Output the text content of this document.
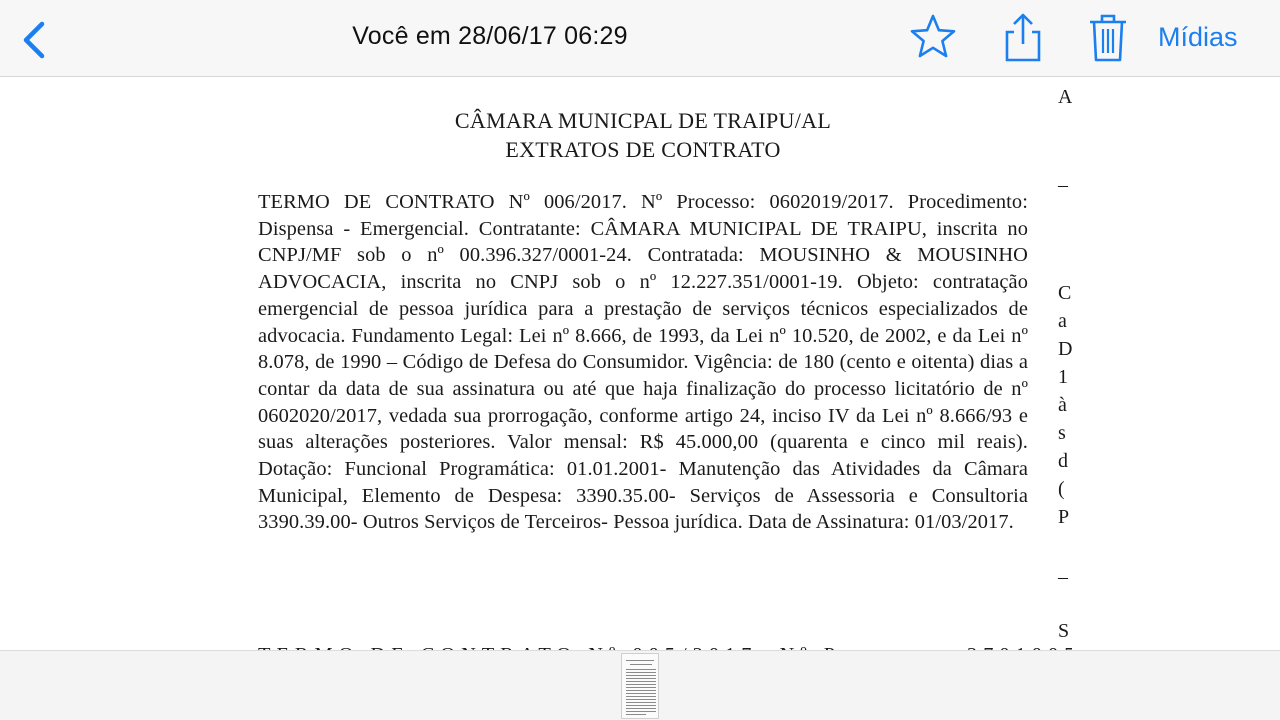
Você em 28/06/17 06:29	Mídias
CÂMARA MUNICPAL DE TRAIPU/AL
EXTRATOS DE CONTRATO

TERMO DE CONTRATO Nº 006/2017. Nº Processo: 0602019/2017. Procedimento: Dispensa - Emergencial. Contratante: CÂMARA MUNICIPAL DE TRAIPU, inscrita no CNPJ/MF sob o nº 00.396.327/0001-24. Contratada: MOUSINHO & MOUSINHO ADVOCACIA, inscrita no CNPJ sob o nº 12.227.351/0001-19. Objeto: contratação emergencial de pessoa jurídica para a prestação de serviços técnicos especializados de advocacia. Fundamento Legal: Lei nº 8.666, de 1993, da Lei nº 10.520, de 2002, e da Lei nº 8.078, de 1990 – Código de Defesa do Consumidor. Vigência: de 180 (cento e oitenta) dias a contar da data de sua assinatura ou até que haja finalização do processo licitatório de nº 0602020/2017, vedada sua prorrogação, conforme artigo 24, inciso IV da Lei nº 8.666/93 e suas alterações posteriores. Valor mensal: R$ 45.000,00 (quarenta e cinco mil reais). Dotação: Funcional Programática: 01.01.2001- Manutenção das Atividades da Câmara Municipal, Elemento de Despesa: 3390.35.00- Serviços de Assessoria e Consultoria 3390.39.00- Outros Serviços de Terceiros- Pessoa jurídica. Data de Assinatura: 01/03/2017.

A
–
C
a
D
1
à
s
d
(
P
–
S
